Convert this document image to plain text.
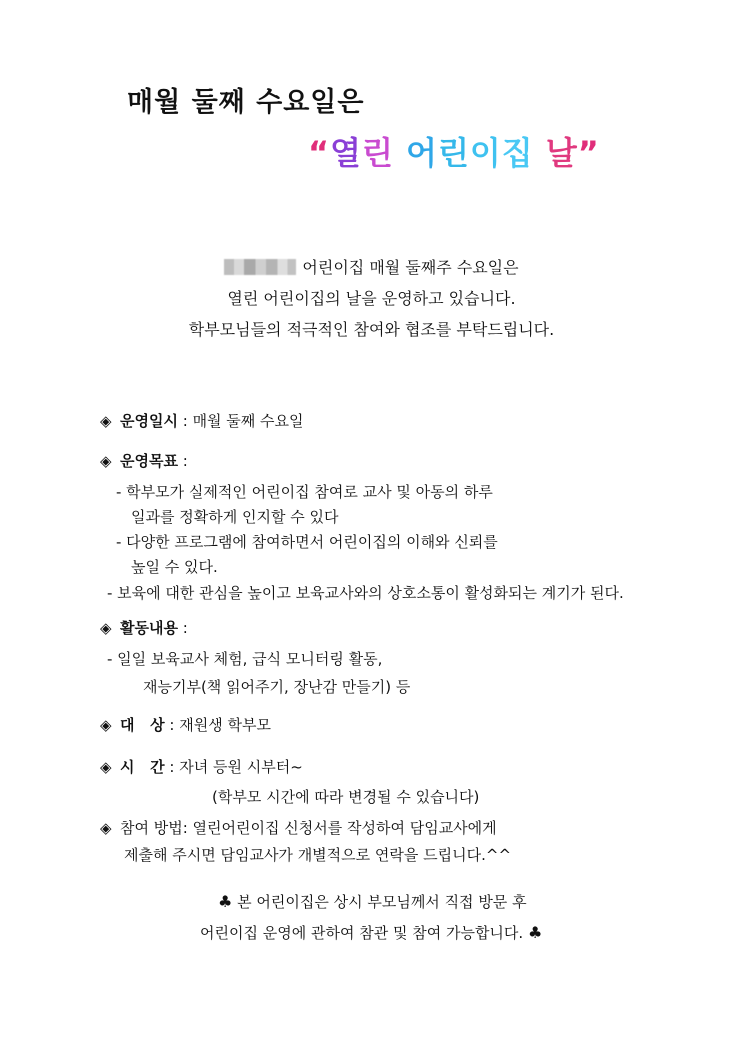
매월 둘째 수요일은
“열린 어린이집 날”
어린이집 매월 둘째주 수요일은
열린 어린이집의 날을 운영하고 있습니다.
학부모님들의 적극적인 참여와 협조를 부탁드립니다.
◈ 운영일시 : 매월 둘째 수요일
◈ 운영목표 :
- 학부모가 실제적인 어린이집 참여로 교사 및 아동의 하루
일과를 정확하게 인지할 수 있다
- 다양한 프로그램에 참여하면서 어린이집의 이해와 신뢰를
높일 수 있다.
- 보육에 대한 관심을 높이고 보육교사와의 상호소통이 활성화되는 계기가 된다.
◈ 활동내용 :
- 일일 보육교사 체험, 급식 모니터링 활동,
재능기부(책 읽어주기, 장난감 만들기) 등
◈ 대   상 : 재원생 학부모
◈ 시   간 : 자녀 등원 시부터~
(학부모 시간에 따라 변경될 수 있습니다)
◈ 참여 방법: 열린어린이집 신청서를 작성하여 담임교사에게
제출해 주시면 담임교사가 개별적으로 연락을 드립니다.^^
♣ 본 어린이집은 상시 부모님께서 직접 방문 후
어린이집 운영에 관하여 참관 및 참여 가능합니다. ♣
